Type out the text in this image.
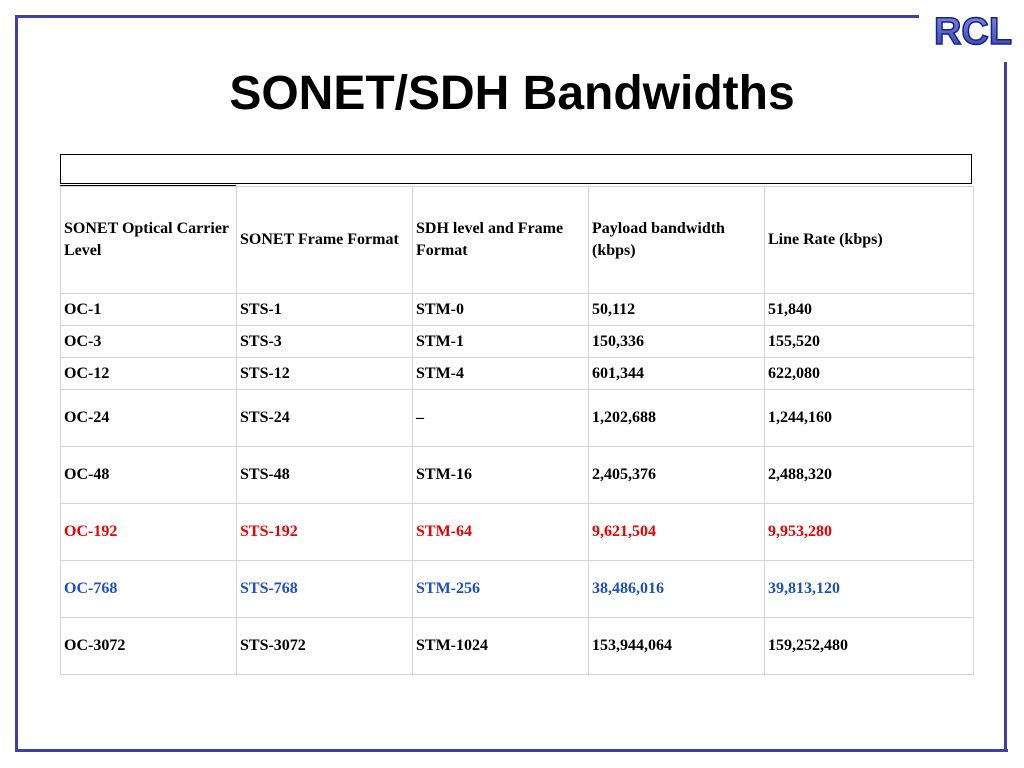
RCL
SONET/SDH Bandwidths
SONET Optical Carrier Level	SONET Frame Format	SDH level and Frame Format	Payload bandwidth (kbps)	Line Rate (kbps)
OC-1	STS-1	STM-0	50,112	51,840
OC-3	STS-3	STM-1	150,336	155,520
OC-12	STS-12	STM-4	601,344	622,080
OC-24	STS-24	–	1,202,688	1,244,160
OC-48	STS-48	STM-16	2,405,376	2,488,320
OC-192	STS-192	STM-64	9,621,504	9,953,280
OC-768	STS-768	STM-256	38,486,016	39,813,120
OC-3072	STS-3072	STM-1024	153,944,064	159,252,480
